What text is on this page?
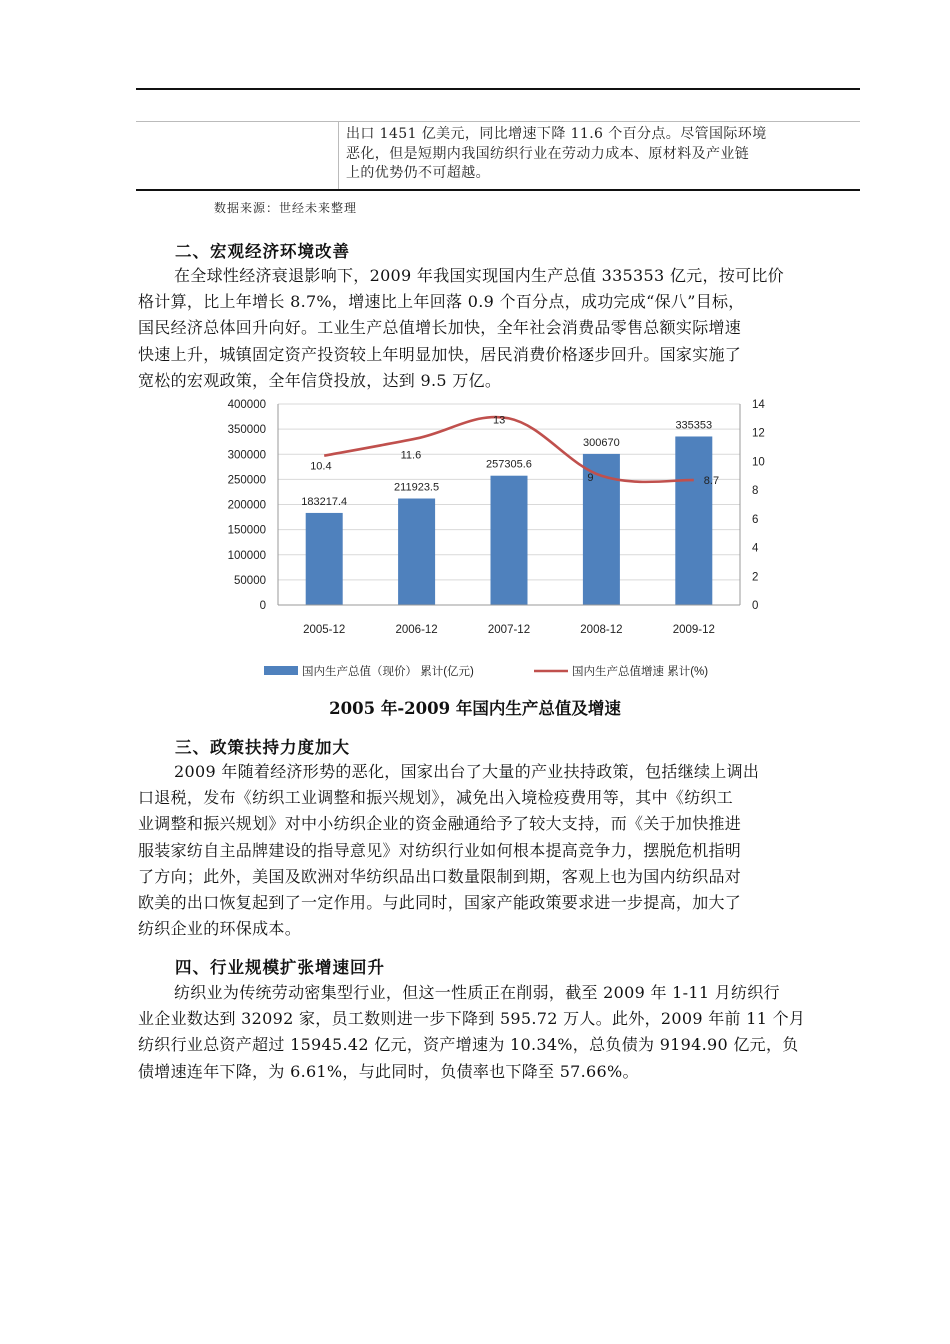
出口 1451 亿美元，同比增速下降 11.6 个百分点。尽管国际环境
恶化，但是短期内我国纺织行业在劳动力成本、原材料及产业链
上的优势仍不可超越。
数据来源：世经未来整理
二、宏观经济环境改善
在全球性经济衰退影响下，2009 年我国实现国内生产总值 335353 亿元，按可比价
格计算，比上年增长 8.7%，增速比上年回落 0.9 个百分点，成功完成“保八”目标，
国民经济总体回升向好。工业生产总值增长加快，全年社会消费品零售总额实际增速
快速上升，城镇固定资产投资较上年明显加快，居民消费价格逐步回升。国家实施了
宽松的宏观政策，全年信贷投放，达到 9.5 万亿。
0
50000
100000
150000
200000
250000
300000
350000
400000
0
2
4
6
8
10
12
14
2005-12	2006-12	2007-12	2008-12	2009-12
183217.4
211923.5
257305.6
300670
335353
10.4
11.6
13
9	8.7
国内生产总值（现价） 累计(亿元)	国内生产总值增速 累计(%)
2005 年-2009 年国内生产总值及增速
三、政策扶持力度加大
2009 年随着经济形势的恶化，国家出台了大量的产业扶持政策，包括继续上调出
口退税，发布《纺织工业调整和振兴规划》，减免出入境检疫费用等，其中《纺织工
业调整和振兴规划》对中小纺织企业的资金融通给予了较大支持，而《关于加快推进
服装家纺自主品牌建设的指导意见》对纺织行业如何根本提高竞争力，摆脱危机指明
了方向；此外，美国及欧洲对华纺织品出口数量限制到期，客观上也为国内纺织品对
欧美的出口恢复起到了一定作用。与此同时，国家产能政策要求进一步提高，加大了
纺织企业的环保成本。
四、行业规模扩张增速回升
纺织业为传统劳动密集型行业，但这一性质正在削弱，截至 2009 年 1-11 月纺织行
业企业数达到 32092 家，员工数则进一步下降到 595.72 万人。此外，2009 年前 11 个月
纺织行业总资产超过 15945.42 亿元，资产增速为 10.34%，总负债为 9194.90 亿元，负
债增速连年下降，为 6.61%，与此同时，负债率也下降至 57.66%。
